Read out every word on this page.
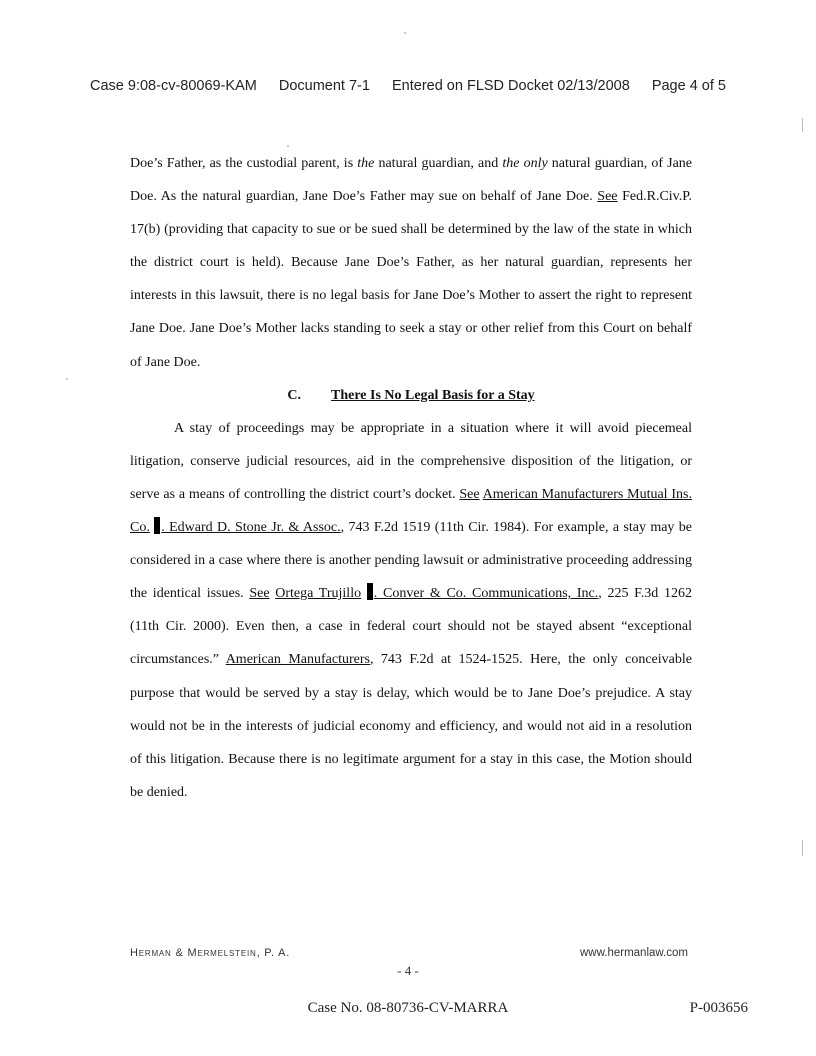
Case 9:08-cv-80069-KAM Document 7-1 Entered on FLSD Docket 02/13/2008 Page 4 of 5

Doe’s Father, as the custodial parent, is the natural guardian, and the only natural guardian, of Jane Doe. As the natural guardian, Jane Doe’s Father may sue on behalf of Jane Doe. See Fed.R.Civ.P. 17(b) (providing that capacity to sue or be sued shall be determined by the law of the state in which the district court is held). Because Jane Doe’s Father, as her natural guardian, represents her interests in this lawsuit, there is no legal basis for Jane Doe’s Mother to assert the right to represent Jane Doe. Jane Doe’s Mother lacks standing to seek a stay or other relief from this Court on behalf of Jane Doe.

C. There Is No Legal Basis for a Stay

A stay of proceedings may be appropriate in a situation where it will avoid piecemeal litigation, conserve judicial resources, aid in the comprehensive disposition of the litigation, or serve as a means of controlling the district court’s docket. See American Manufacturers Mutual Ins. Co. . Edward D. Stone Jr. & Assoc., 743 F.2d 1519 (11th Cir. 1984). For example, a stay may be considered in a case where there is another pending lawsuit or administrative proceeding addressing the identical issues. See Ortega Trujillo . Conver & Co. Communications, Inc., 225 F.3d 1262 (11th Cir. 2000). Even then, a case in federal court should not be stayed absent “exceptional circumstances.” American Manufacturers, 743 F.2d at 1524-1525. Here, the only conceivable purpose that would be served by a stay is delay, which would be to Jane Doe’s prejudice. A stay would not be in the interests of judicial economy and efficiency, and would not aid in a resolution of this litigation. Because there is no legitimate argument for a stay in this case, the Motion should be denied.

Herman & Mermelstein, P. A.	www.hermanlaw.com
- 4 -
Case No. 08-80736-CV-MARRA	P-003656
